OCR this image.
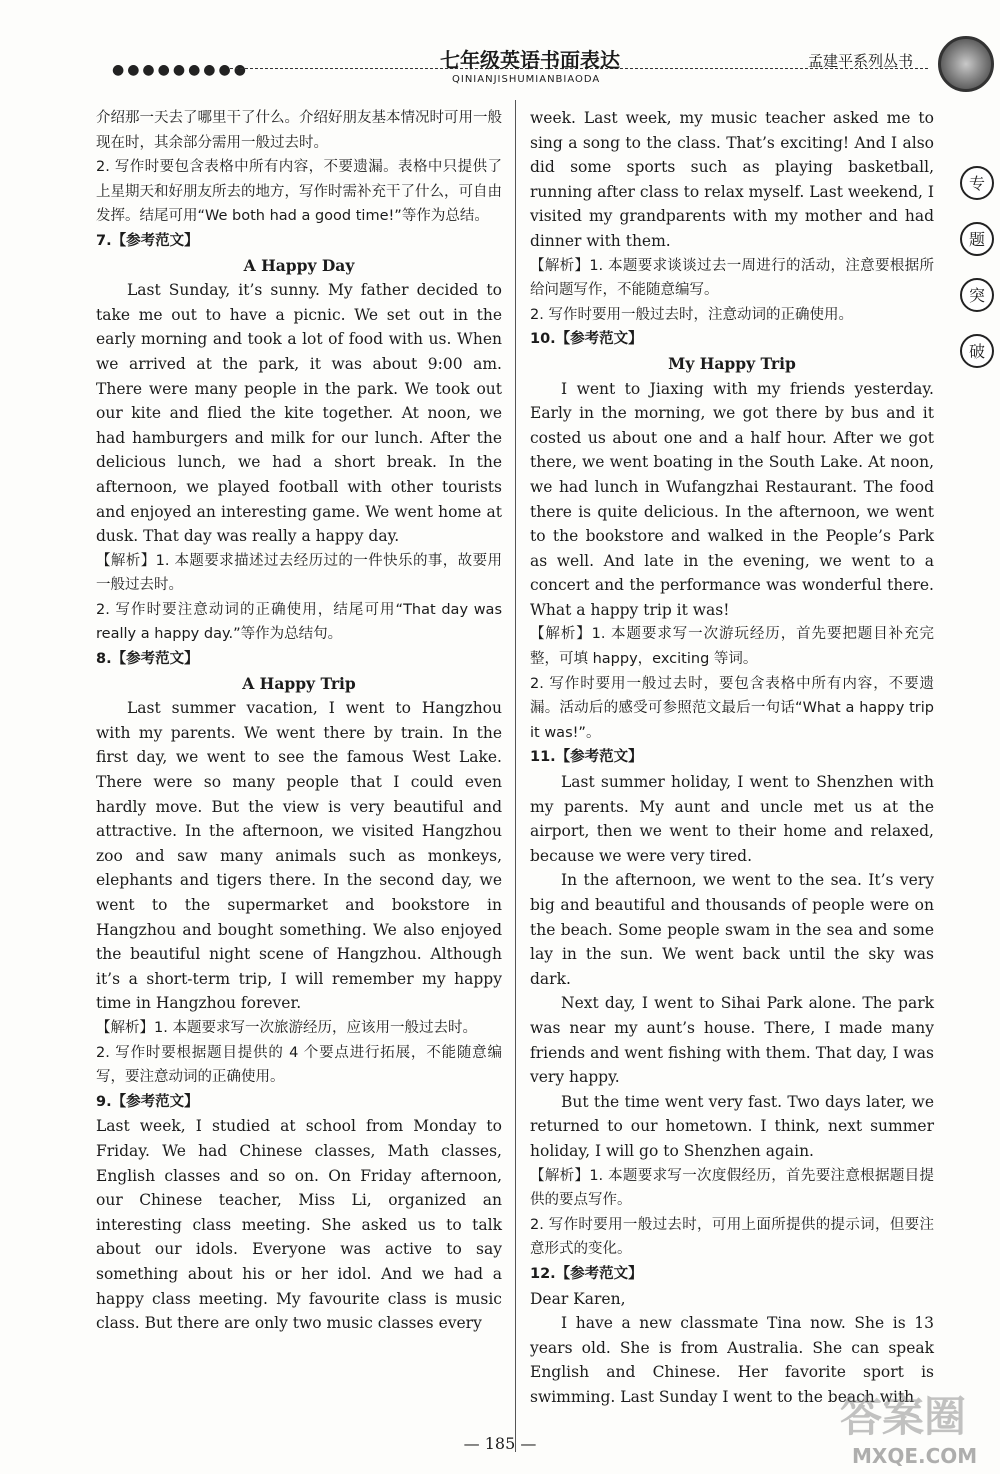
●●●●●●●●●	七年级英语书面表达
QINIANJISHUMIANBIAODA
孟建平系列丛书
专
题
突
破

介绍那一天去了哪里干了什么。介绍好朋友基本情况时可用一般现在时，其余部分需用一般过去时。

2. 写作时要包含表格中所有内容，不要遗漏。表格中只提供了上星期天和好朋友所去的地方，写作时需补充干了什么，可自由发挥。结尾可用“We both had a good time!”等作为总结。

7.【参考范文】

A Happy Day

Last Sunday, it’s sunny. My father decided to take me out to have a picnic. We set out in the early morning and took a lot of food with us. When we arrived at the park, it was about 9:00 am. There were many people in the park. We took out our kite and flied the kite together. At noon, we had hamburgers and milk for our lunch. After the delicious lunch, we had a short break. In the afternoon, we played football with other tourists and enjoyed an interesting game. We went home at dusk. That day was really a happy day.

【解析】1. 本题要求描述过去经历过的一件快乐的事，故要用一般过去时。

2. 写作时要注意动词的正确使用，结尾可用“That day was really a happy day.”等作为总结句。

8.【参考范文】

A Happy Trip

Last summer vacation, I went to Hangzhou with my parents. We went there by train. In the first day, we went to see the famous West Lake. There were so many people that I could even hardly move. But the view is very beautiful and attractive. In the afternoon, we visited Hangzhou zoo and saw many animals such as monkeys, elephants and tigers there. In the second day, we went to the supermarket and bookstore in Hangzhou and bought something. We also enjoyed the beautiful night scene of Hangzhou. Although it’s a short-term trip, I will remember my happy time in Hangzhou forever.

【解析】1. 本题要求写一次旅游经历，应该用一般过去时。

2. 写作时要根据题目提供的 4 个要点进行拓展，不能随意编写，要注意动词的正确使用。

9.【参考范文】

Last week, I studied at school from Monday to Friday. We had Chinese classes, Math classes, English classes and so on. On Friday afternoon, our Chinese teacher, Miss Li, organized an interesting class meeting. She asked us to talk about our idols. Everyone was active to say something about his or her idol. And we had a happy class meeting. My favourite class is music class. But there are only two music classes every

week. Last week, my music teacher asked me to sing a song to the class. That’s exciting! And I also did some sports such as playing basketball, running after class to relax myself. Last weekend, I visited my grandparents with my mother and had dinner with them.

【解析】1. 本题要求谈谈过去一周进行的活动，注意要根据所给问题写作，不能随意编写。

2. 写作时要用一般过去时，注意动词的正确使用。

10.【参考范文】

My Happy Trip

I went to Jiaxing with my friends yesterday. Early in the morning, we got there by bus and it costed us about one and a half hour. After we got there, we went boating in the South Lake. At noon, we had lunch in Wufangzhai Restaurant. The food there is quite delicious. In the afternoon, we went to the bookstore and walked in the People’s Park as well. And late in the evening, we went to a concert and the performance was wonderful there. What a happy trip it was!

【解析】1. 本题要求写一次游玩经历，首先要把题目补充完整，可填 happy，exciting 等词。

2. 写作时要用一般过去时，要包含表格中所有内容，不要遗漏。活动后的感受可参照范文最后一句话“What a happy trip it was!”。

11.【参考范文】

Last summer holiday, I went to Shenzhen with my parents. My aunt and uncle met us at the airport, then we went to their home and relaxed, because we were very tired.

In the afternoon, we went to the sea. It’s very big and beautiful and thousands of people were on the beach. Some people swam in the sea and some lay in the sun. We went back until the sky was dark.

Next day, I went to Sihai Park alone. The park was near my aunt’s house. There, I made many friends and went fishing with them. That day, I was very happy.

But the time went very fast. Two days later, we returned to our hometown. I think, next summer holiday, I will go to Shenzhen again.

【解析】1. 本题要求写一次度假经历，首先要注意根据题目提供的要点写作。

2. 写作时要用一般过去时，可用上面所提供的提示词，但要注意形式的变化。

12.【参考范文】

Dear Karen,

I have a new classmate Tina now. She is 13 years old. She is from Australia. She can speak English and Chinese. Her favorite sport is swimming. Last Sunday I went to the beach with

— 185 —
答案圈
MXQE.COM
